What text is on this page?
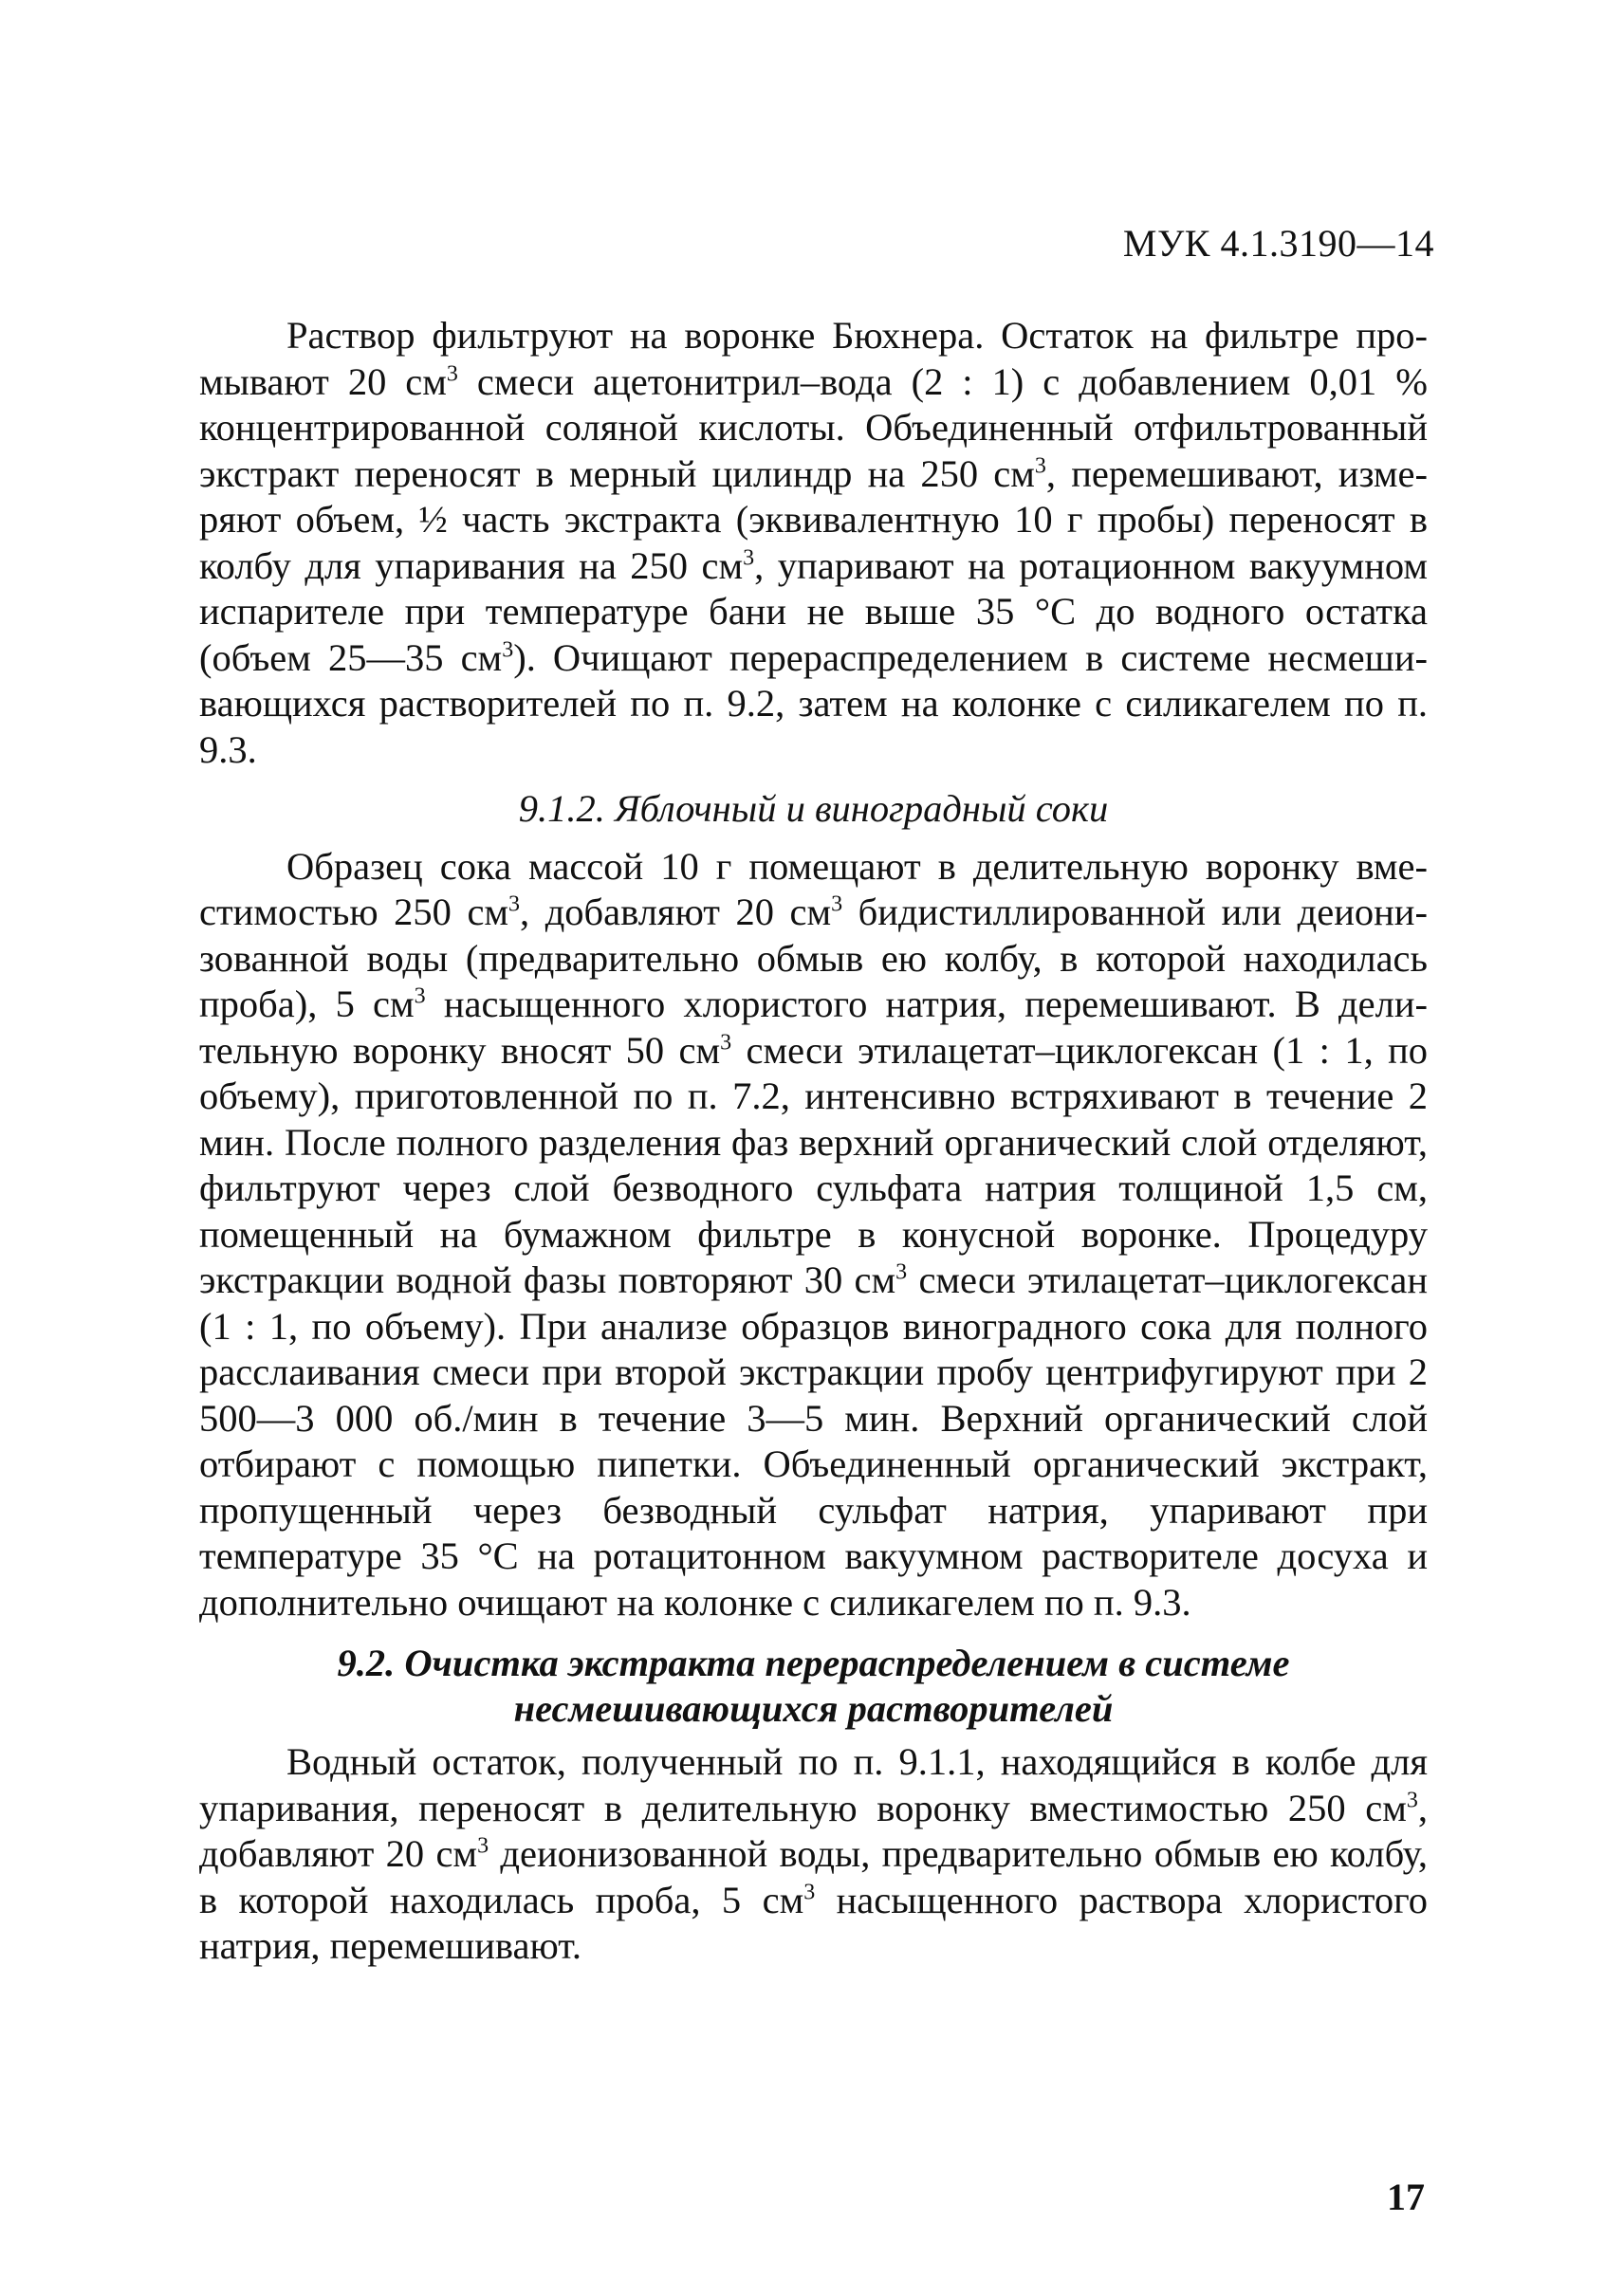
МУК 4.1.3190—14

Раствор фильтруют на воронке Бюхнера. Остаток на фильтре промывают 20 $см^3$ смеси ацетонитрил–вода (2 : 1) с добавлением 0,01 % концентрированной соляной кислоты. Объединенный отфильтрованный экстракт переносят в мерный цилиндр на 250 $см^3$, перемешивают, измеряют объем, ½ часть экстракта (эквивалентную 10 г пробы) переносят в колбу для упаривания на 250 $см^3$, упаривают на ротационном вакуумном испарителе при температуре бани не выше 35 °С до водного остатка (объем 25—35 $см^3$). Очищают перераспределением в системе несмешивающихся растворителей по п. 9.2, затем на колонке с силикагелем по п. 9.3.

9.1.2. Яблочный и виноградный соки

Образец сока массой 10 г помещают в делительную воронку вместимостью 250 $см^3$, добавляют 20 $см^3$ бидистиллированной или деионизованной воды (предварительно обмыв ею колбу, в которой находилась проба), 5 $см^3$ насыщенного хлористого натрия, перемешивают. В делительную воронку вносят 50 $см^3$ смеси этилацетат–циклогексан (1 : 1, по объему), приготовленной по п. 7.2, интенсивно встряхивают в течение 2 мин. После полного разделения фаз верхний органический слой отделяют, фильтруют через слой безводного сульфата натрия толщиной 1,5 см, помещенный на бумажном фильтре в конусной воронке. Процедуру экстракции водной фазы повторяют 30 $см^3$ смеси этилацетат–циклогексан (1 : 1, по объему). При анализе образцов виноградного сока для полного расслаивания смеси при второй экстракции пробу центрифугируют при 2 500—3 000 об./мин в течение 3—5 мин. Верхний органический слой отбирают с помощью пипетки. Объединенный органический экстракт, пропущенный через безводный сульфат натрия, упаривают при температуре 35 °С на ротацитонном вакуумном растворителе досуха и дополнительно очищают на колонке с силикагелем по п. 9.3.

9.2. Очистка экстракта перераспределением в системе
несмешивающихся растворителей

Водный остаток, полученный по п. 9.1.1, находящийся в колбе для упаривания, переносят в делительную воронку вместимостью 250 $см^3$, добавляют 20 $см^3$ деионизованной воды, предварительно обмыв ею колбу, в которой находилась проба, 5 $см^3$ насыщенного раствора хлористого натрия, перемешивают.

17
